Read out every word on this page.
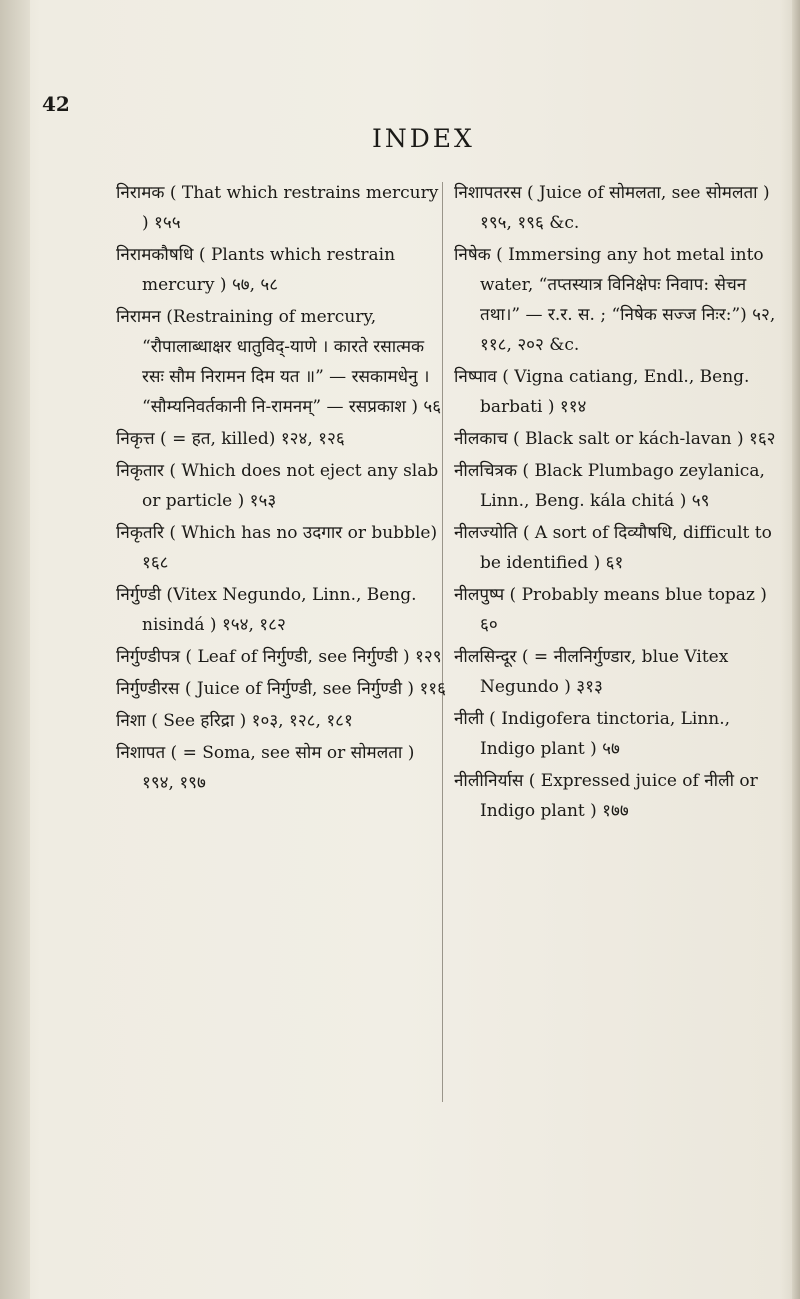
42
INDEX

निरामक ( That which restrains mercury ) १५५

निरामकौषधि ( Plants which restrain mercury ) ५७, ५८

निरामन (Restraining of mercury, “रौपालाब्धाक्षर धातुविद्-याणे । कारते रसात्मक रसः सौम निरामन दिम यत ॥” — रसकामधेनु । “सौम्यनिवर्तकानी नि-रामनम्” — रसप्रकाश ) ५६

निकृत्त ( = हत, killed) १२४, १२६

निकृतार ( Which does not eject any slab or particle ) १५३

निकृतरि ( Which has no उदगार or bubble) १६८

निर्गुण्डी (Vitex Negundo, Linn., Beng. nisindá ) १५४, १८२

निर्गुण्डीपत्र ( Leaf of निर्गुण्डी, see निर्गुण्डी ) १२९

निर्गुण्डीरस ( Juice of निर्गुण्डी, see निर्गुण्डी ) ११६

निशा ( See हरिद्रा ) १०३, १२८, १८१

निशापत ( = Soma, see सोम or सोमलता ) १९४, १९७

निशापतरस ( Juice of सोमलता, see सोमलता ) १९५, १९६ &c.

निषेक ( Immersing any hot metal into water, “तप्तस्यात्र विनिक्षेपः निवाप: सेचन तथा।” — र.र. स. ; “निषेक सज्ज निःर:”) ५२, ११८, २०२ &c.

निष्पाव ( Vigna catiang, Endl., Beng. barbati ) ११४

नीलकाच ( Black salt or kách-lavan ) १६२

नीलचित्रक ( Black Plumbago zeylanica, Linn., Beng. kála chitá ) ५९

नीलज्योति ( A sort of दिव्यौषधि, difficult to be identified ) ६१

नीलपुष्प ( Probably means blue topaz ) ६०

नीलसिन्दूर ( = नीलनिर्गुण्डार, blue Vitex Negundo ) ३१३

नीली ( Indigofera tinctoria, Linn., Indigo plant ) ५७

नीलीनिर्यास ( Expressed juice of नीली or Indigo plant ) १७७
